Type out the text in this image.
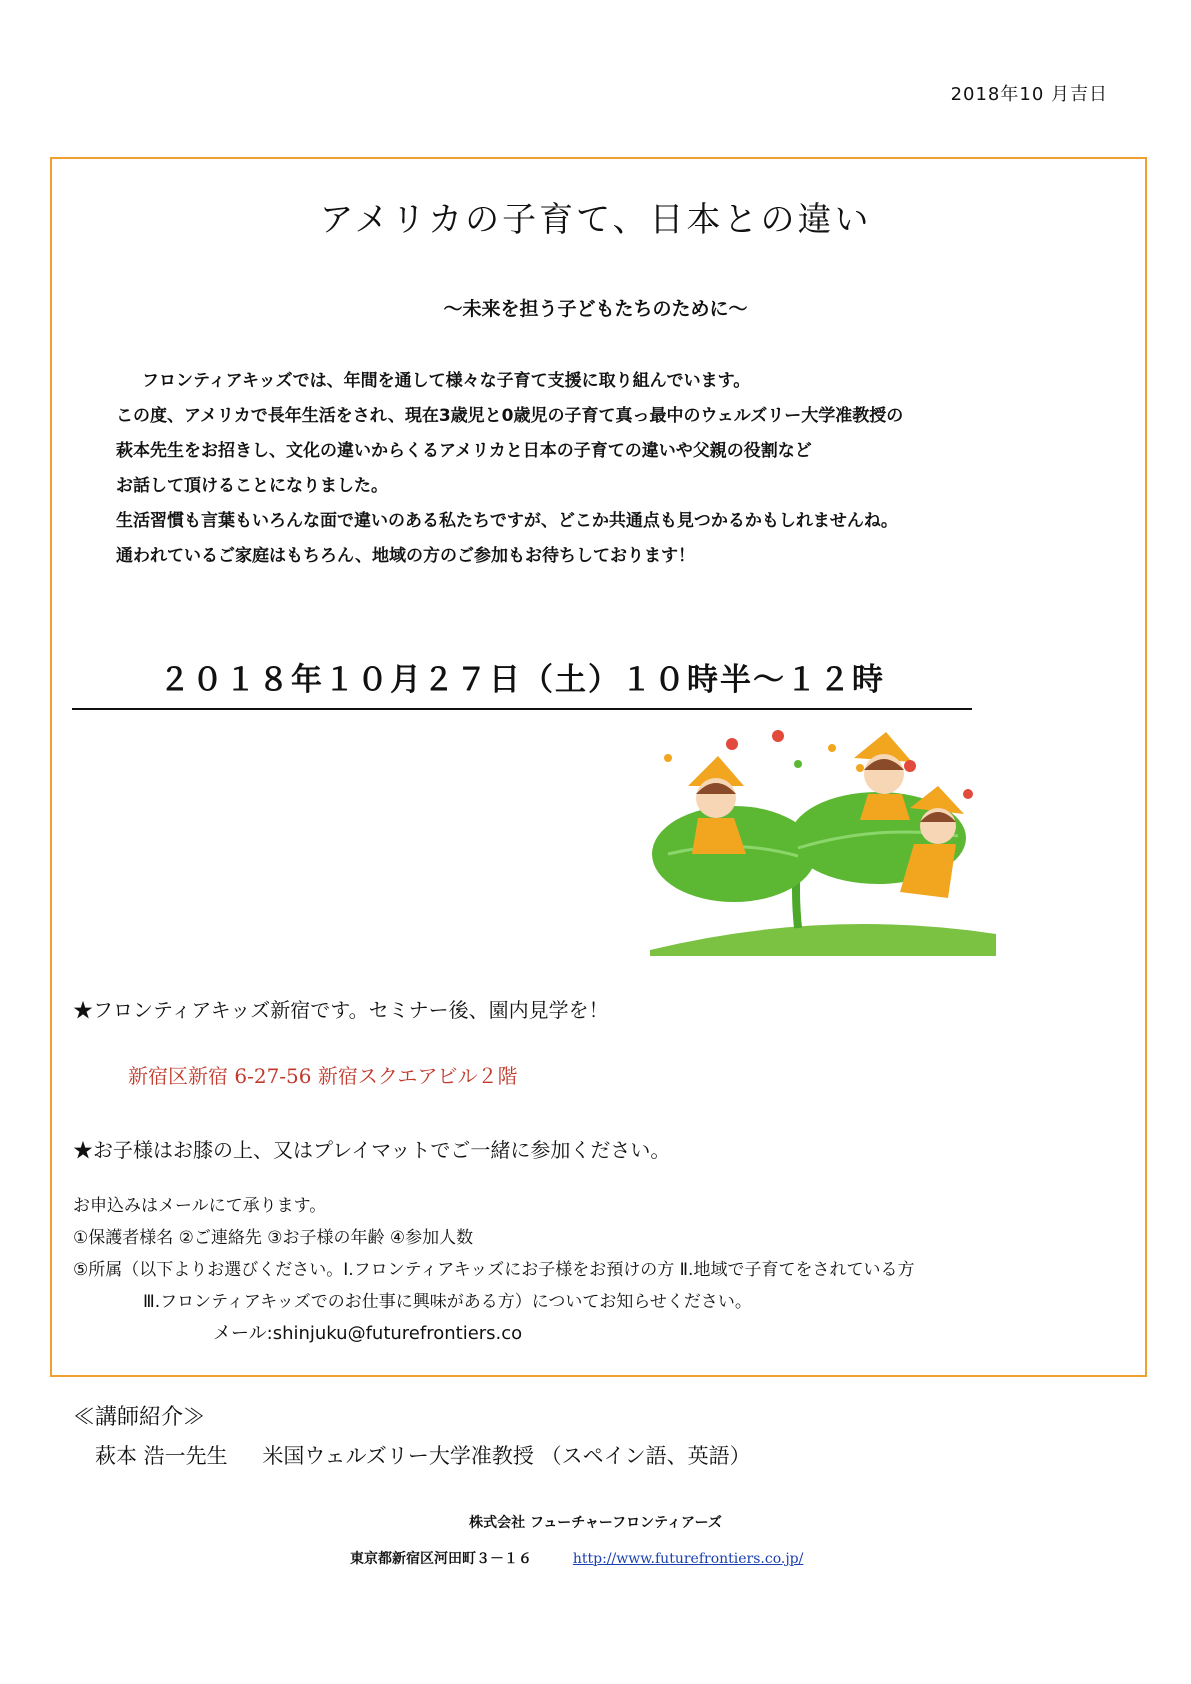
2018年10 月吉日
アメリカの子育て、日本との違い
～未来を担う子どもたちのために～
フロンティアキッズでは、年間を通して様々な子育て支援に取り組んでいます。
この度、アメリカで長年生活をされ、現在3歳児と0歳児の子育て真っ最中のウェルズリー大学准教授の
萩本先生をお招きし、文化の違いからくるアメリカと日本の子育ての違いや父親の役割など
お話して頂けることになりました。
生活習慣も言葉もいろんな面で違いのある私たちですが、どこか共通点も見つかるかもしれませんね。
通われているご家庭はもちろん、地域の方のご参加もお待ちしております！
２０１８年１０月２７日（土）１０時半～１２時
★フロンティアキッズ新宿です。セミナー後、園内見学を！
新宿区新宿 6-27-56 新宿スクエアビル２階
★お子様はお膝の上、又はプレイマットでご一緒に参加ください。
お申込みはメールにて承ります。
①保護者様名 ②ご連絡先 ③お子様の年齢 ④参加人数
⑤所属（以下よりお選びください。Ⅰ.フロンティアキッズにお子様をお預けの方 Ⅱ.地域で子育てをされている方
Ⅲ.フロンティアキッズでのお仕事に興味がある方）についてお知らせください。
メール:shinjuku@futurefrontiers.co
≪講師紹介≫
萩本 浩一先生 米国ウェルズリー大学准教授 （スペイン語、英語）
株式会社 フューチャーフロンティアーズ
東京都新宿区河田町３－１６	http://www.futurefrontiers.co.jp/
